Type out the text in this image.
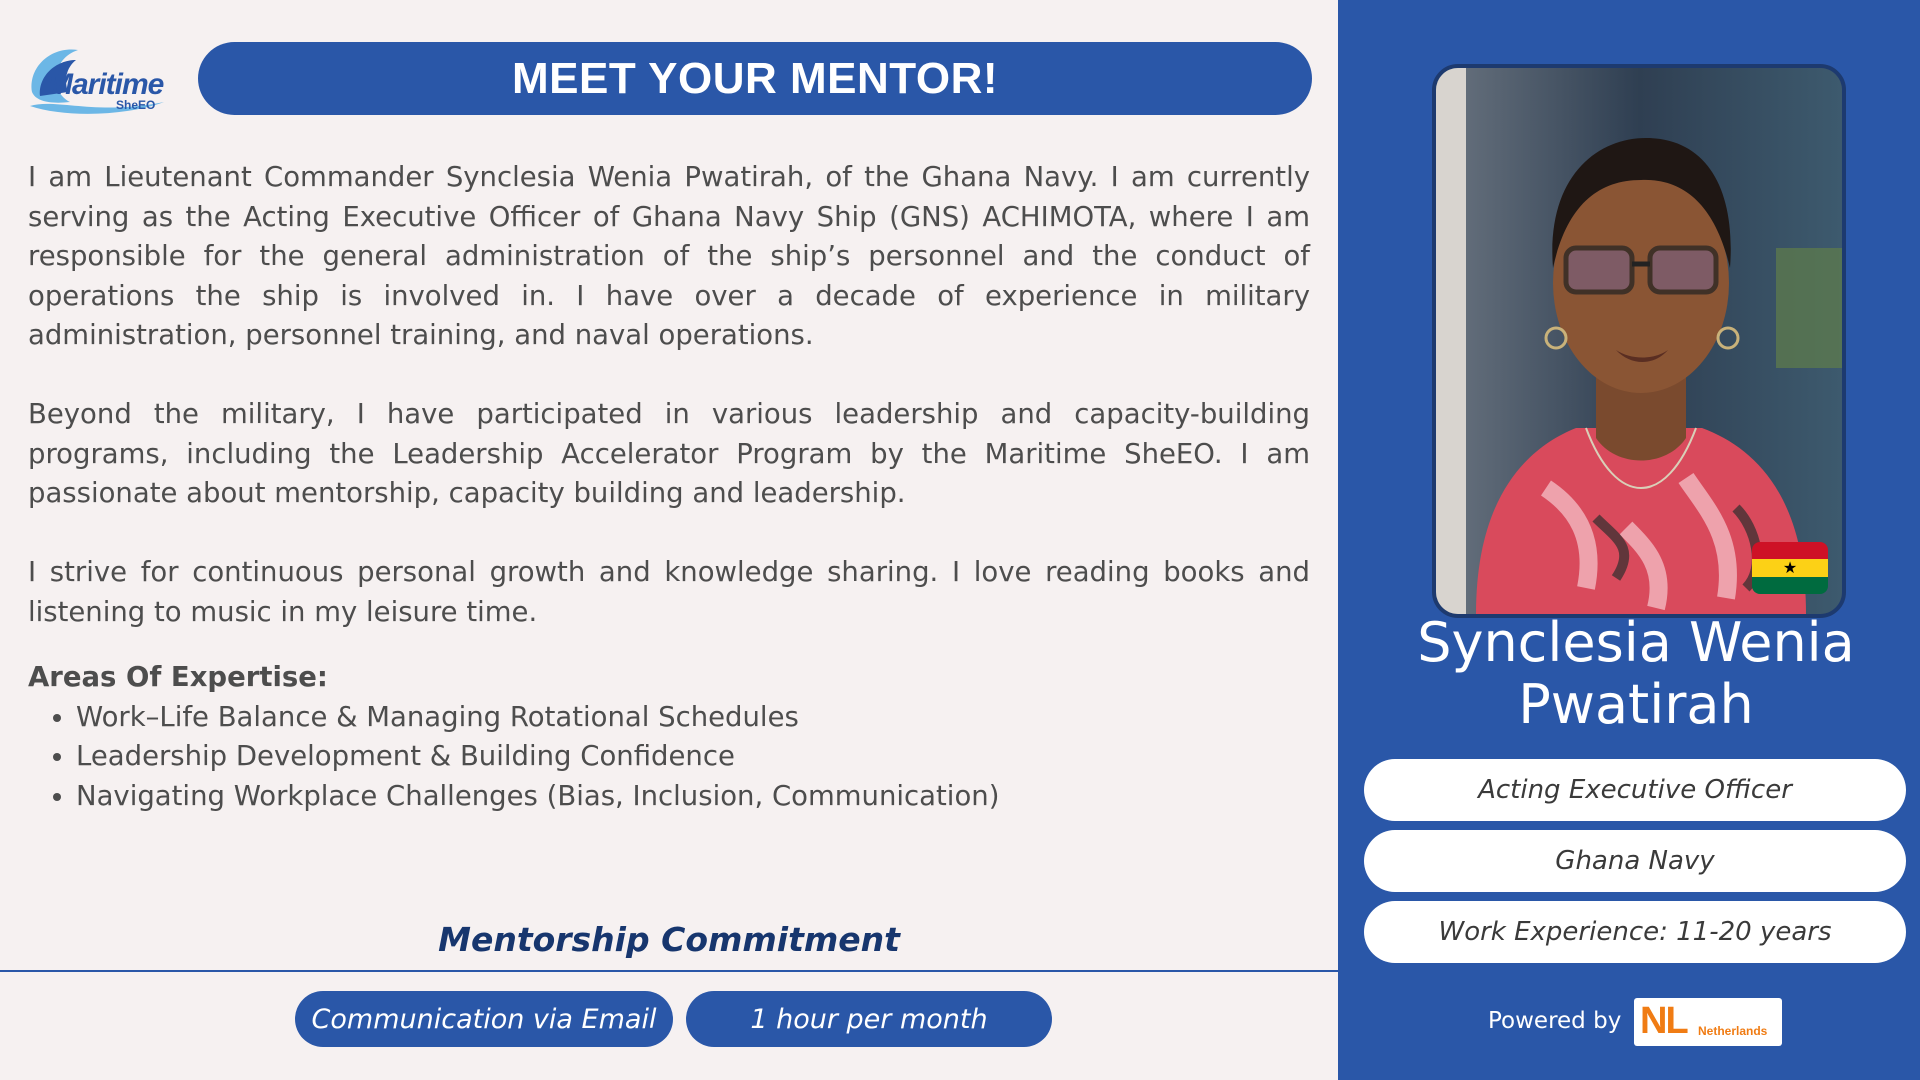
Maritime
SheEO
MEET YOUR MENTOR!

I am Lieutenant Commander Synclesia Wenia Pwatirah, of the Ghana Navy. I am currently serving as the Acting Executive Officer of Ghana Navy Ship (GNS) ACHIMOTA, where I am responsible for the general administration of the ship’s personnel and the conduct of operations the ship is involved in. I have over a decade of experience in military administration, personnel training, and naval operations.

Beyond the military, I have participated in various leadership and capacity-building programs, including the Leadership Accelerator Program by the Maritime SheEO. I am passionate about mentorship, capacity building and leadership.

I strive for continuous personal growth and knowledge sharing. I love reading books and listening to music in my leisure time.

Areas Of Expertise:

• Work–Life Balance & Managing Rotational Schedules
• Leadership Development & Building Confidence
• Navigating Workplace Challenges (Bias, Inclusion, Communication)
Mentorship Commitment
Communication via Email	1 hour per month
★
Synclesia Wenia
Pwatirah
Acting Executive Officer
Ghana Navy
Work Experience: 11-20 years
Powered by NL Netherlands
